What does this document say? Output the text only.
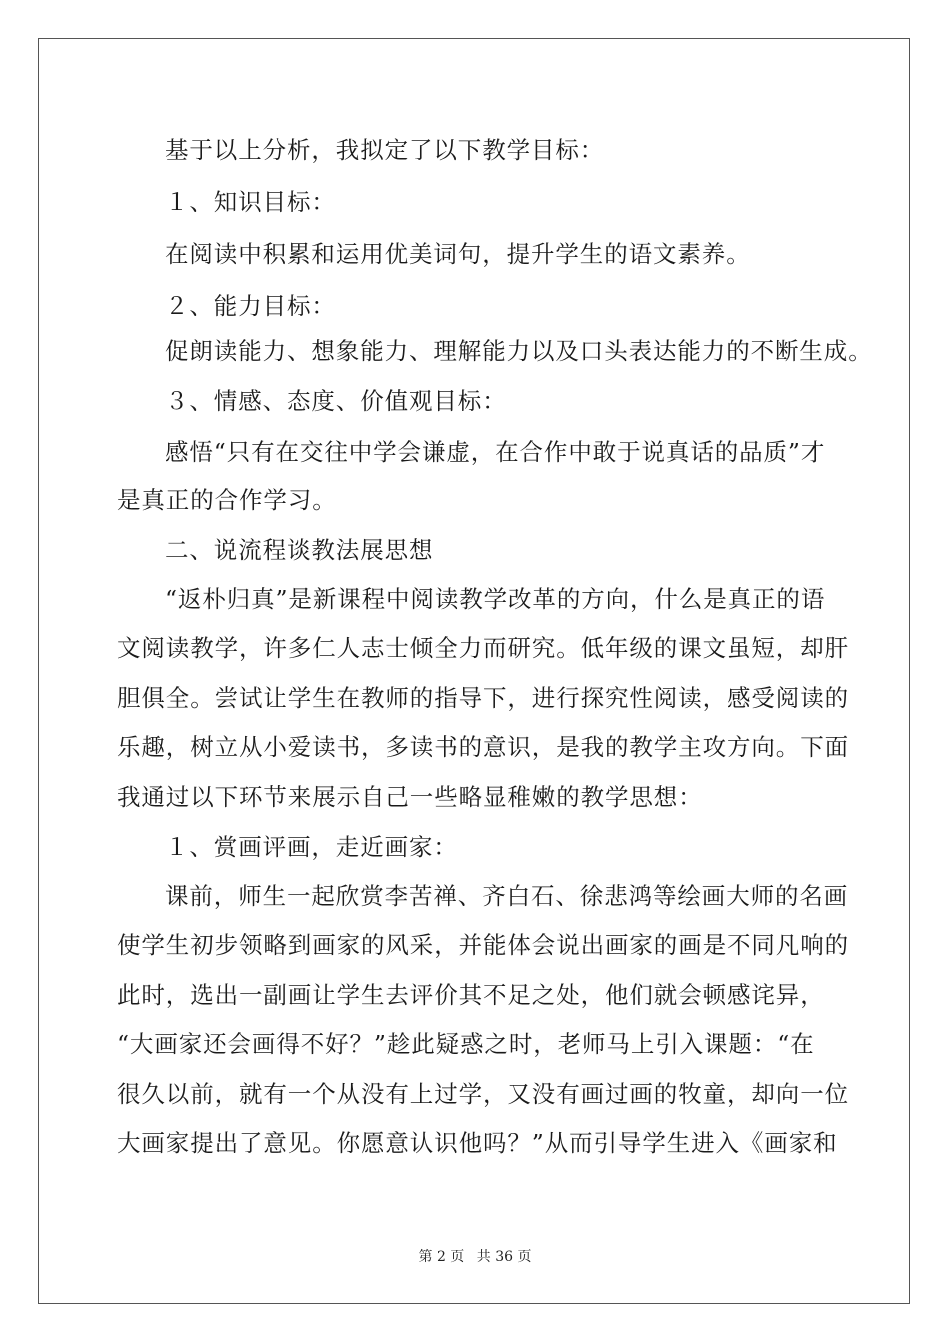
基于以上分析，我拟定了以下教学目标：
１、知识目标：
在阅读中积累和运用优美词句，提升学生的语文素养。
２、能力目标：
促朗读能力、想象能力、理解能力以及口头表达能力的不断生成。
３、情感、态度、价值观目标：
感悟“只有在交往中学会谦虚，在合作中敢于说真话的品质”才
是真正的合作学习。
二、说流程谈教法展思想
“返朴归真”是新课程中阅读教学改革的方向，什么是真正的语
文阅读教学，许多仁人志士倾全力而研究。低年级的课文虽短，却肝
胆俱全。尝试让学生在教师的指导下，进行探究性阅读，感受阅读的
乐趣，树立从小爱读书，多读书的意识，是我的教学主攻方向。下面
我通过以下环节来展示自己一些略显稚嫩的教学思想：
１、赏画评画，走近画家：
课前，师生一起欣赏李苦禅、齐白石、徐悲鸿等绘画大师的名画
使学生初步领略到画家的风采，并能体会说出画家的画是不同凡响的
此时，选出一副画让学生去评价其不足之处，他们就会顿感诧异，
“大画家还会画得不好？”趁此疑惑之时，老师马上引入课题：“在
很久以前，就有一个从没有上过学，又没有画过画的牧童，却向一位
大画家提出了意见。你愿意认识他吗？”从而引导学生进入《画家和
第 2 页 共 36 页
